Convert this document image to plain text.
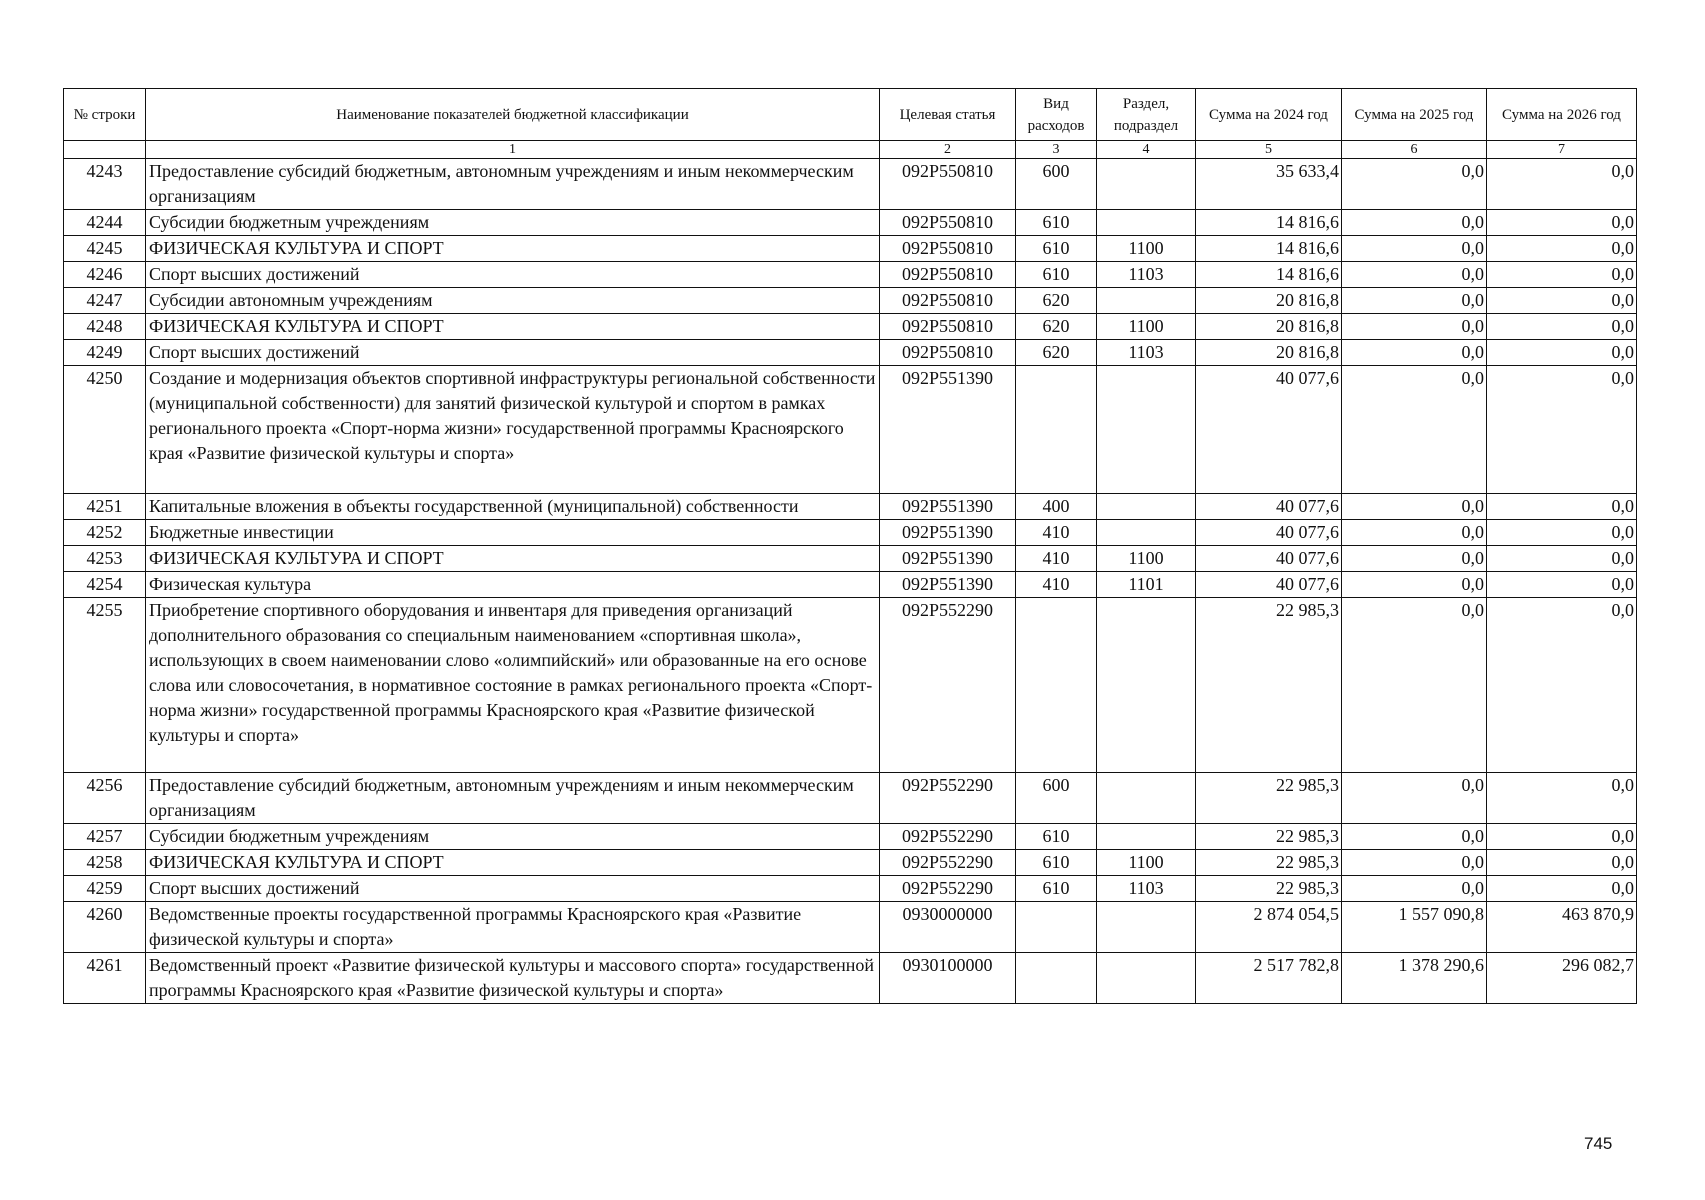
№ строки	Наименование показателей бюджетной классификации	Целевая статья	Вид расходов	Раздел, подраздел	Сумма на 2024 год	Сумма на 2025 год	Сумма на 2026 год
	1	2	3	4	5	6	7
4243	Предоставление субсидий бюджетным, автономным учреждениям и иным некоммерческим организациям	092P550810	600		35 633,4	0,0	0,0
4244	Субсидии бюджетным учреждениям	092P550810	610		14 816,6	0,0	0,0
4245	ФИЗИЧЕСКАЯ КУЛЬТУРА И СПОРТ	092P550810	610	1100	14 816,6	0,0	0,0
4246	Спорт высших достижений	092P550810	610	1103	14 816,6	0,0	0,0
4247	Субсидии автономным учреждениям	092P550810	620		20 816,8	0,0	0,0
4248	ФИЗИЧЕСКАЯ КУЛЬТУРА И СПОРТ	092P550810	620	1100	20 816,8	0,0	0,0
4249	Спорт высших достижений	092P550810	620	1103	20 816,8	0,0	0,0
4250	Создание и модернизация объектов спортивной инфраструктуры региональной собственности (муниципальной собственности) для занятий физической культурой и спортом в рамках регионального проекта «Спорт-норма жизни» государственной программы Красноярского края «Развитие физической культуры и спорта»	092P551390			40 077,6	0,0	0,0
4251	Капитальные вложения в объекты государственной (муниципальной) собственности	092P551390	400		40 077,6	0,0	0,0
4252	Бюджетные инвестиции	092P551390	410		40 077,6	0,0	0,0
4253	ФИЗИЧЕСКАЯ КУЛЬТУРА И СПОРТ	092P551390	410	1100	40 077,6	0,0	0,0
4254	Физическая культура	092P551390	410	1101	40 077,6	0,0	0,0
4255	Приобретение спортивного оборудования и инвентаря для приведения организаций дополнительного образования со специальным наименованием «спортивная школа», использующих в своем наименовании слово «олимпийский» или образованные на его основе слова или словосочетания, в нормативное состояние в рамках регионального проекта «Спорт-норма жизни» государственной программы Красноярского края «Развитие физической культуры и спорта»	092P552290			22 985,3	0,0	0,0
4256	Предоставление субсидий бюджетным, автономным учреждениям и иным некоммерческим организациям	092P552290	600		22 985,3	0,0	0,0
4257	Субсидии бюджетным учреждениям	092P552290	610		22 985,3	0,0	0,0
4258	ФИЗИЧЕСКАЯ КУЛЬТУРА И СПОРТ	092P552290	610	1100	22 985,3	0,0	0,0
4259	Спорт высших достижений	092P552290	610	1103	22 985,3	0,0	0,0
4260	Ведомственные проекты государственной программы Красноярского края «Развитие физической культуры и спорта»	0930000000			2 874 054,5	1 557 090,8	463 870,9
4261	Ведомственный проект «Развитие физической культуры и массового спорта» государственной программы Красноярского края «Развитие физической культуры и спорта»	0930100000			2 517 782,8	1 378 290,6	296 082,7
745
